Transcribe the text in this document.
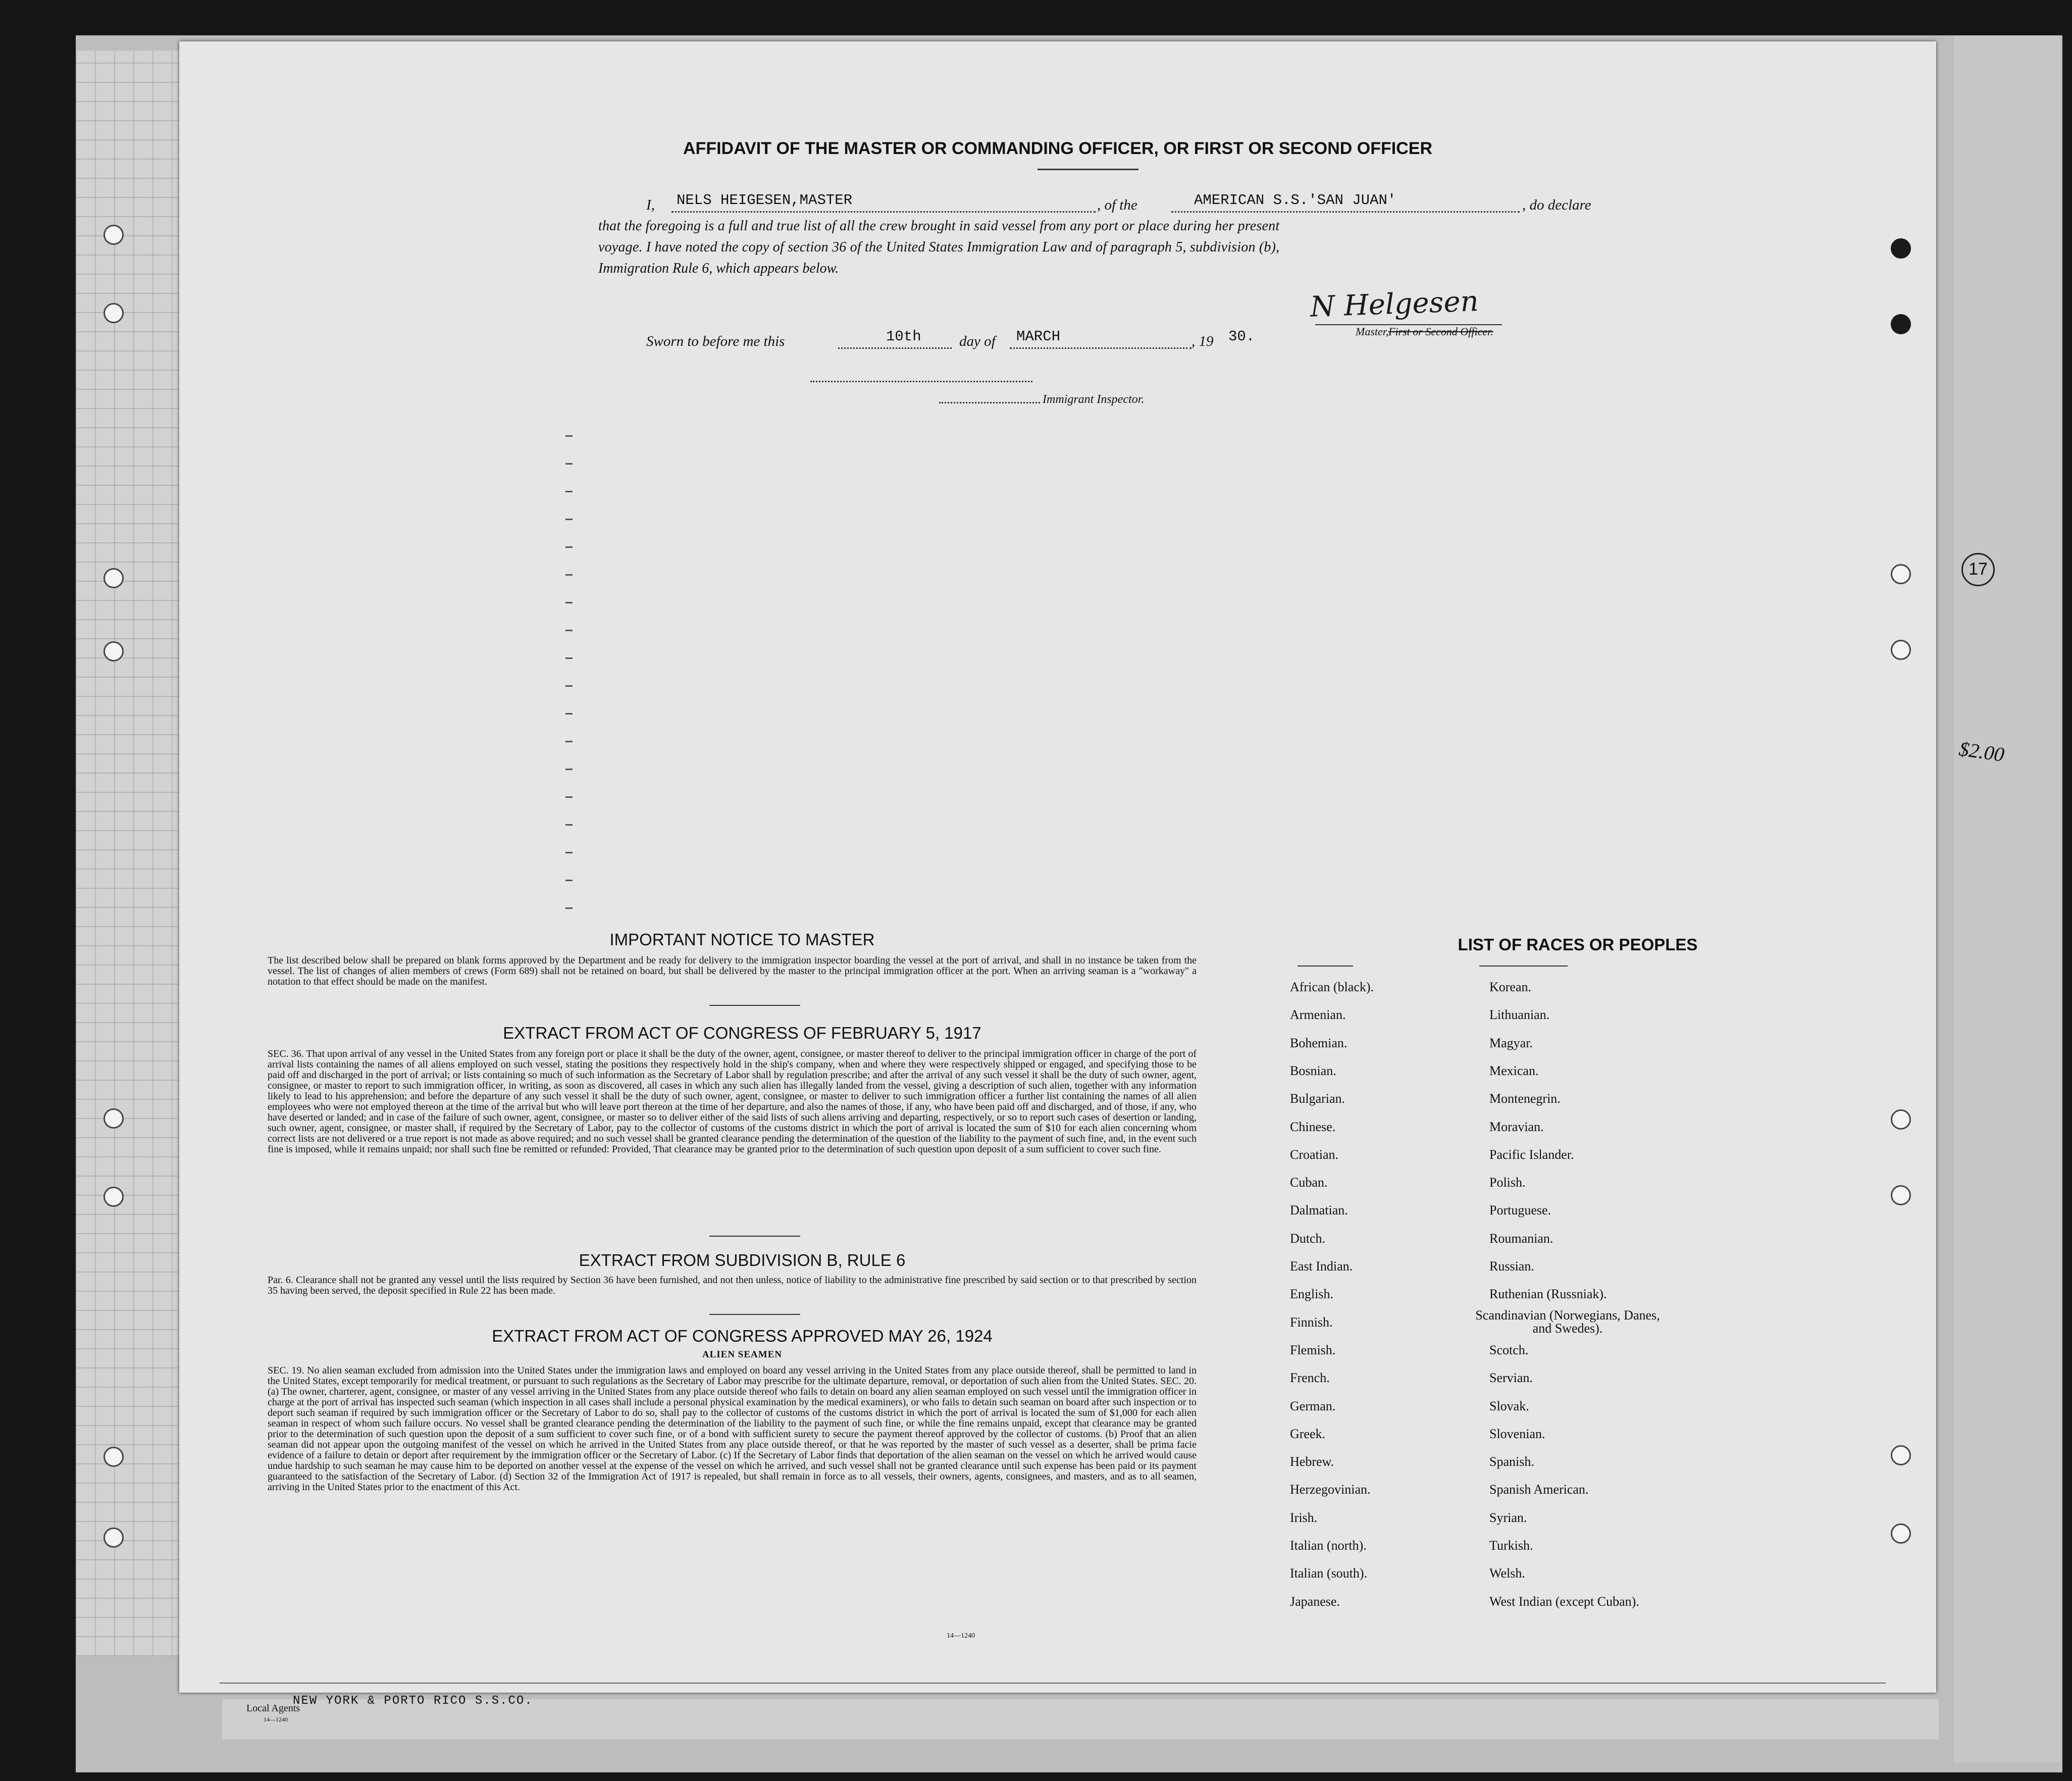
17
$2.00
AFFIDAVIT OF THE MASTER OR COMMANDING OFFICER, OR FIRST OR SECOND OFFICER
I, NELS HEIGESEN,MASTER	, of the	AMERICAN S.S.'SAN JUAN'	, do declare
that the foregoing is a full and true list of all the crew brought in said vessel from any port or place during her present
voyage. I have noted the copy of section 36 of the United States Immigration Law and of paragraph 5, subdivision (b),
Immigration Rule 6, which appears below.
N Helgesen
Master, First or Second Officer.
Sworn to before me this	10th	day of MARCH	, 19 30.
Immigrant Inspector.
IMPORTANT NOTICE TO MASTER
The list described below shall be prepared on blank forms approved by the Department and be ready for delivery to the immigration inspector boarding the vessel at the port of arrival, and shall in no instance be taken from the vessel. The list of changes of alien members of crews (Form 689) shall not be retained on board, but shall be delivered by the master to the principal immigration officer at the port. When an arriving seaman is a "workaway" a notation to that effect should be made on the manifest.
EXTRACT FROM ACT OF CONGRESS OF FEBRUARY 5, 1917
SEC. 36. That upon arrival of any vessel in the United States from any foreign port or place it shall be the duty of the owner, agent, consignee, or master thereof to deliver to the principal immigration officer in charge of the port of arrival lists containing the names of all aliens employed on such vessel, stating the positions they respectively hold in the ship's company, when and where they were respectively shipped or engaged, and specifying those to be paid off and discharged in the port of arrival; or lists containing so much of such information as the Secretary of Labor shall by regulation prescribe; and after the arrival of any such vessel it shall be the duty of such owner, agent, consignee, or master to report to such immigration officer, in writing, as soon as discovered, all cases in which any such alien has illegally landed from the vessel, giving a description of such alien, together with any information likely to lead to his apprehension; and before the departure of any such vessel it shall be the duty of such owner, agent, consignee, or master to deliver to such immigration officer a further list containing the names of all alien employees who were not employed thereon at the time of the arrival but who will leave port thereon at the time of her departure, and also the names of those, if any, who have been paid off and discharged, and of those, if any, who have deserted or landed; and in case of the failure of such owner, agent, consignee, or master so to deliver either of the said lists of such aliens arriving and departing, respectively, or so to report such cases of desertion or landing, such owner, agent, consignee, or master shall, if required by the Secretary of Labor, pay to the collector of customs of the customs district in which the port of arrival is located the sum of $10 for each alien concerning whom correct lists are not delivered or a true report is not made as above required; and no such vessel shall be granted clearance pending the determination of the question of the liability to the payment of such fine, and, in the event such fine is imposed, while it remains unpaid; nor shall such fine be remitted or refunded: Provided, That clearance may be granted prior to the determination of such question upon deposit of a sum sufficient to cover such fine.
EXTRACT FROM SUBDIVISION B, RULE 6
Par. 6. Clearance shall not be granted any vessel until the lists required by Section 36 have been furnished, and not then unless, notice of liability to the administrative fine prescribed by said section or to that prescribed by section 35 having been served, the deposit specified in Rule 22 has been made.
EXTRACT FROM ACT OF CONGRESS APPROVED MAY 26, 1924
ALIEN SEAMEN
SEC. 19. No alien seaman excluded from admission into the United States under the immigration laws and employed on board any vessel arriving in the United States from any place outside thereof, shall be permitted to land in the United States, except temporarily for medical treatment, or pursuant to such regulations as the Secretary of Labor may prescribe for the ultimate departure, removal, or deportation of such alien from the United States. SEC. 20. (a) The owner, charterer, agent, consignee, or master of any vessel arriving in the United States from any place outside thereof who fails to detain on board any alien seaman employed on such vessel until the immigration officer in charge at the port of arrival has inspected such seaman (which inspection in all cases shall include a personal physical examination by the medical examiners), or who fails to detain such seaman on board after such inspection or to deport such seaman if required by such immigration officer or the Secretary of Labor to do so, shall pay to the collector of customs of the customs district in which the port of arrival is located the sum of $1,000 for each alien seaman in respect of whom such failure occurs. No vessel shall be granted clearance pending the determination of the liability to the payment of such fine, or while the fine remains unpaid, except that clearance may be granted prior to the determination of such question upon the deposit of a sum sufficient to cover such fine, or of a bond with sufficient surety to secure the payment thereof approved by the collector of customs. (b) Proof that an alien seaman did not appear upon the outgoing manifest of the vessel on which he arrived in the United States from any place outside thereof, or that he was reported by the master of such vessel as a deserter, shall be prima facie evidence of a failure to detain or deport after requirement by the immigration officer or the Secretary of Labor. (c) If the Secretary of Labor finds that deportation of the alien seaman on the vessel on which he arrived would cause undue hardship to such seaman he may cause him to be deported on another vessel at the expense of the vessel on which he arrived, and such vessel shall not be granted clearance until such expense has been paid or its payment guaranteed to the satisfaction of the Secretary of Labor. (d) Section 32 of the Immigration Act of 1917 is repealed, but shall remain in force as to all vessels, their owners, agents, consignees, and masters, and as to all seamen, arriving in the United States prior to the enactment of this Act.
14—1240
LIST OF RACES OR PEOPLES
African (black).
Armenian.
Bohemian.
Bosnian.
Bulgarian.
Chinese.
Croatian.
Cuban.
Dalmatian.
Dutch.
East Indian.
English.
Finnish.
Flemish.
French.
German.
Greek.
Hebrew.
Herzegovinian.
Irish.
Italian (north).
Italian (south).
Japanese.
Korean.
Lithuanian.
Magyar.
Mexican.
Montenegrin.
Moravian.
Pacific Islander.
Polish.
Portuguese.
Roumanian.
Russian.
Ruthenian (Russniak).
Scandinavian (Norwegians, Danes, and Swedes).
Scotch.
Servian.
Slovak.
Slovenian.
Spanish.
Spanish American.
Syrian.
Turkish.
Welsh.
West Indian (except Cuban).
Local Agents
NEW YORK & PORTO RICO S.S.CO.
14—1240
